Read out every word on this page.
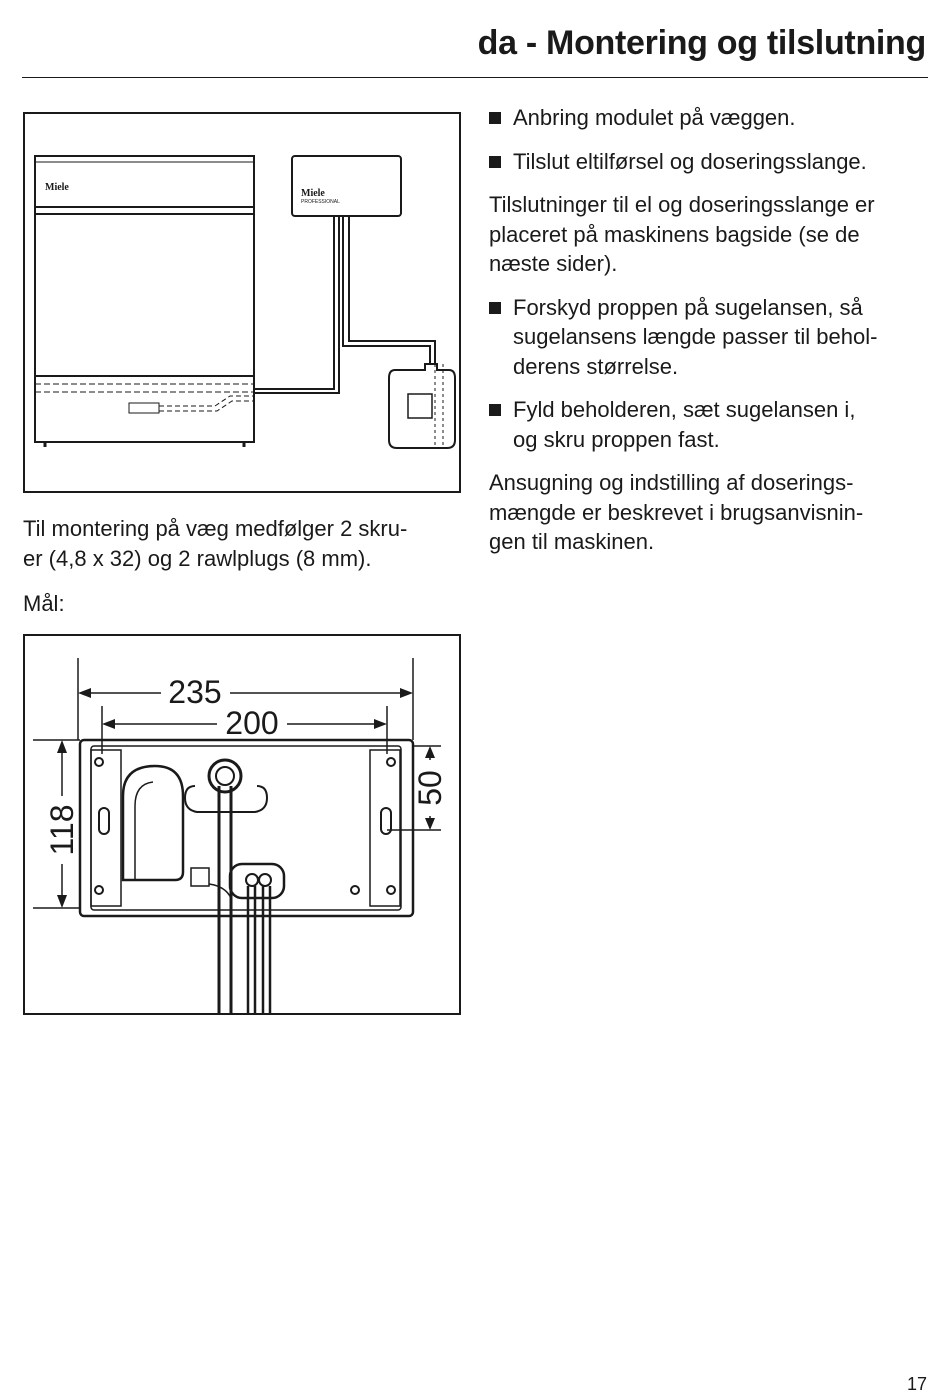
da - Montering og tilslutning
Miele
Miele
PROFESSIONAL
Til montering på væg medfølger 2 skru-
er (4,8 x 32) og 2 rawlplugs (8 mm).
Mål:
235
200
118
50
Anbring modulet på væggen.
Tilslut eltilførsel og doseringsslange.
Tilslutninger til el og doseringsslange er
placeret på maskinens bagside (se de
næste sider).
Forskyd proppen på sugelansen, så
sugelansens længde passer til behol-
derens størrelse.
Fyld beholderen, sæt sugelansen i,
og skru proppen fast.
Ansugning og indstilling af doserings-
mængde er beskrevet i brugsanvisnin-
gen til maskinen.
17
